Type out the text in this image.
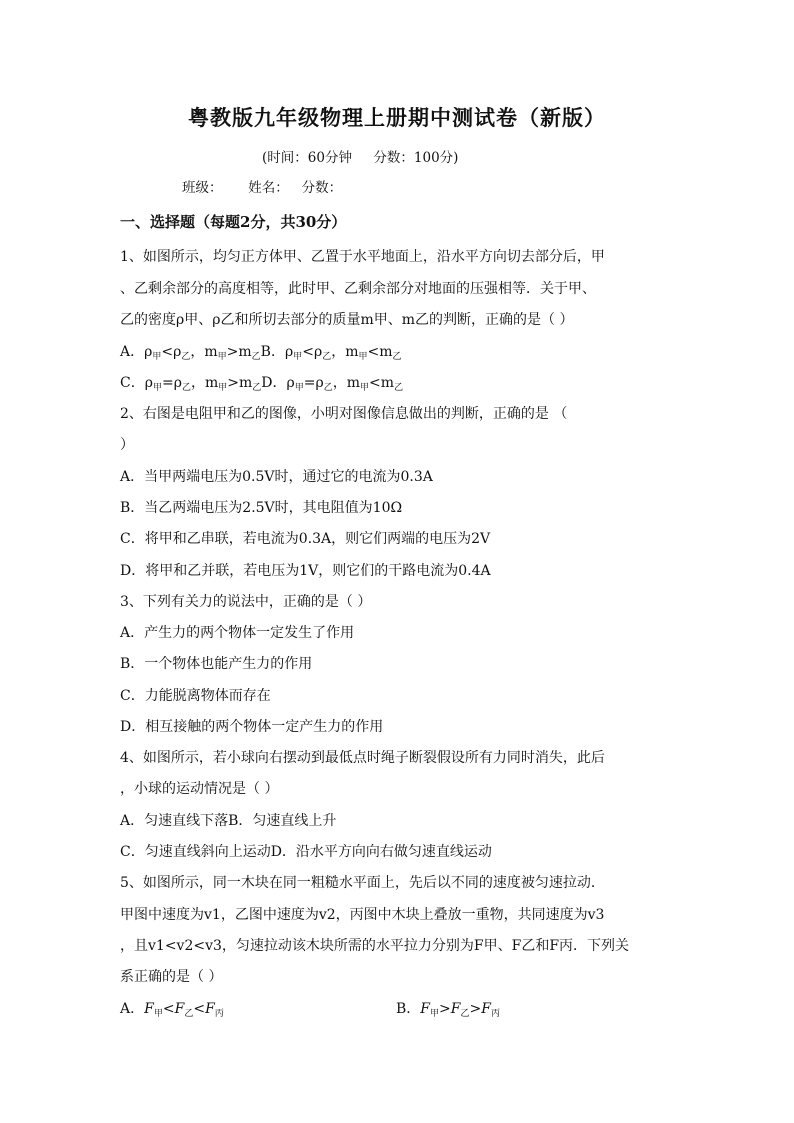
粤教版九年级物理上册期中测试卷（新版）
(时间：60分钟     分数：100分)
班级：      姓名：   分数：
一、选择题（每题2分，共30分）
1、如图所示，均匀正方体甲、乙置于水平地面上，沿水平方向切去部分后，甲
、乙剩余部分的高度相等，此时甲、乙剩余部分对地面的压强相等．关于甲、
乙的密度ρ甲、ρ乙和所切去部分的质量m甲、m乙的判断，正确的是（ ）
A．$\rho_甲<\rho_乙$，$m_甲>m_乙B$．$\rho_甲<\rho_乙$，$m_甲<m_乙$
C．$\rho_甲=\rho_乙$，$m_甲>m_乙D$．$\rho_甲=\rho_乙$，$m_甲<m_乙$
2、右图是电阻甲和乙的图像，小明对图像信息做出的判断，正确的是 （
）
A．当甲两端电压为0.5V时，通过它的电流为0.3A
B．当乙两端电压为2.5V时，其电阻值为10Ω
C．将甲和乙串联，若电流为0.3A，则它们两端的电压为2V
D．将甲和乙并联，若电压为1V，则它们的干路电流为0.4A
3、下列有关力的说法中，正确的是（ ）
A．产生力的两个物体一定发生了作用
B．一个物体也能产生力的作用
C．力能脱离物体而存在
D．相互接触的两个物体一定产生力的作用
4、如图所示，若小球向右摆动到最低点时绳子断裂假设所有力同时消失，此后
，小球的运动情况是（ ）
A．匀速直线下落B．匀速直线上升
C．匀速直线斜向上运动D．沿水平方向向右做匀速直线运动
5、如图所示，同一木块在同一粗糙水平面上，先后以不同的速度被匀速拉动．
甲图中速度为v1，乙图中速度为v2，丙图中木块上叠放一重物，共同速度为v3
，且v1<v2<v3，匀速拉动该木块所需的水平拉力分别为F甲、F乙和F丙．下列关
系正确的是（ ）
A．$F_甲<F_乙<F_丙$	B．$F_甲>F_乙>F_丙$
